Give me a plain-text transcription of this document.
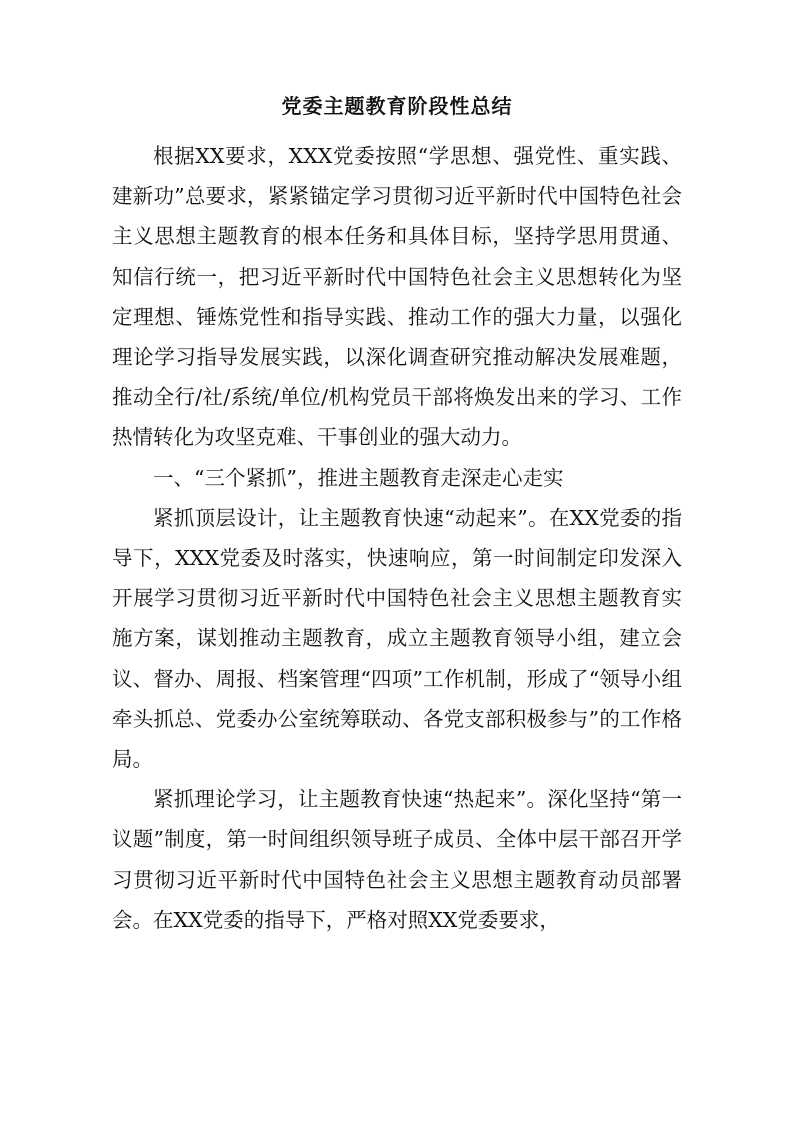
党委主题教育阶段性总结

根据XX要求，XXX党委按照“学思想、强党性、重实践、建新功”总要求，紧紧锚定学习贯彻习近平新时代中国特色社会主义思想主题教育的根本任务和具体目标，坚持学思用贯通、知信行统一，把习近平新时代中国特色社会主义思想转化为坚定理想、锤炼党性和指导实践、推动工作的强大力量，以强化理论学习指导发展实践，以深化调查研究推动解决发展难题，推动全行/社/系统/单位/机构党员干部将焕发出来的学习、工作热情转化为攻坚克难、干事创业的强大动力。

一、“三个紧抓”，推进主题教育走深走心走实

紧抓顶层设计，让主题教育快速“动起来”。在XX党委的指导下，XXX党委及时落实，快速响应，第一时间制定印发深入开展学习贯彻习近平新时代中国特色社会主义思想主题教育实施方案，谋划推动主题教育，成立主题教育领导小组，建立会议、督办、周报、档案管理“四项”工作机制，形成了“领导小组牵头抓总、党委办公室统筹联动、各党支部积极参与”的工作格局。

紧抓理论学习，让主题教育快速“热起来”。深化坚持“第一议题”制度，第一时间组织领导班子成员、全体中层干部召开学习贯彻习近平新时代中国特色社会主义思想主题教育动员部署会。在XX党委的指导下，严格对照XX党委要求，
